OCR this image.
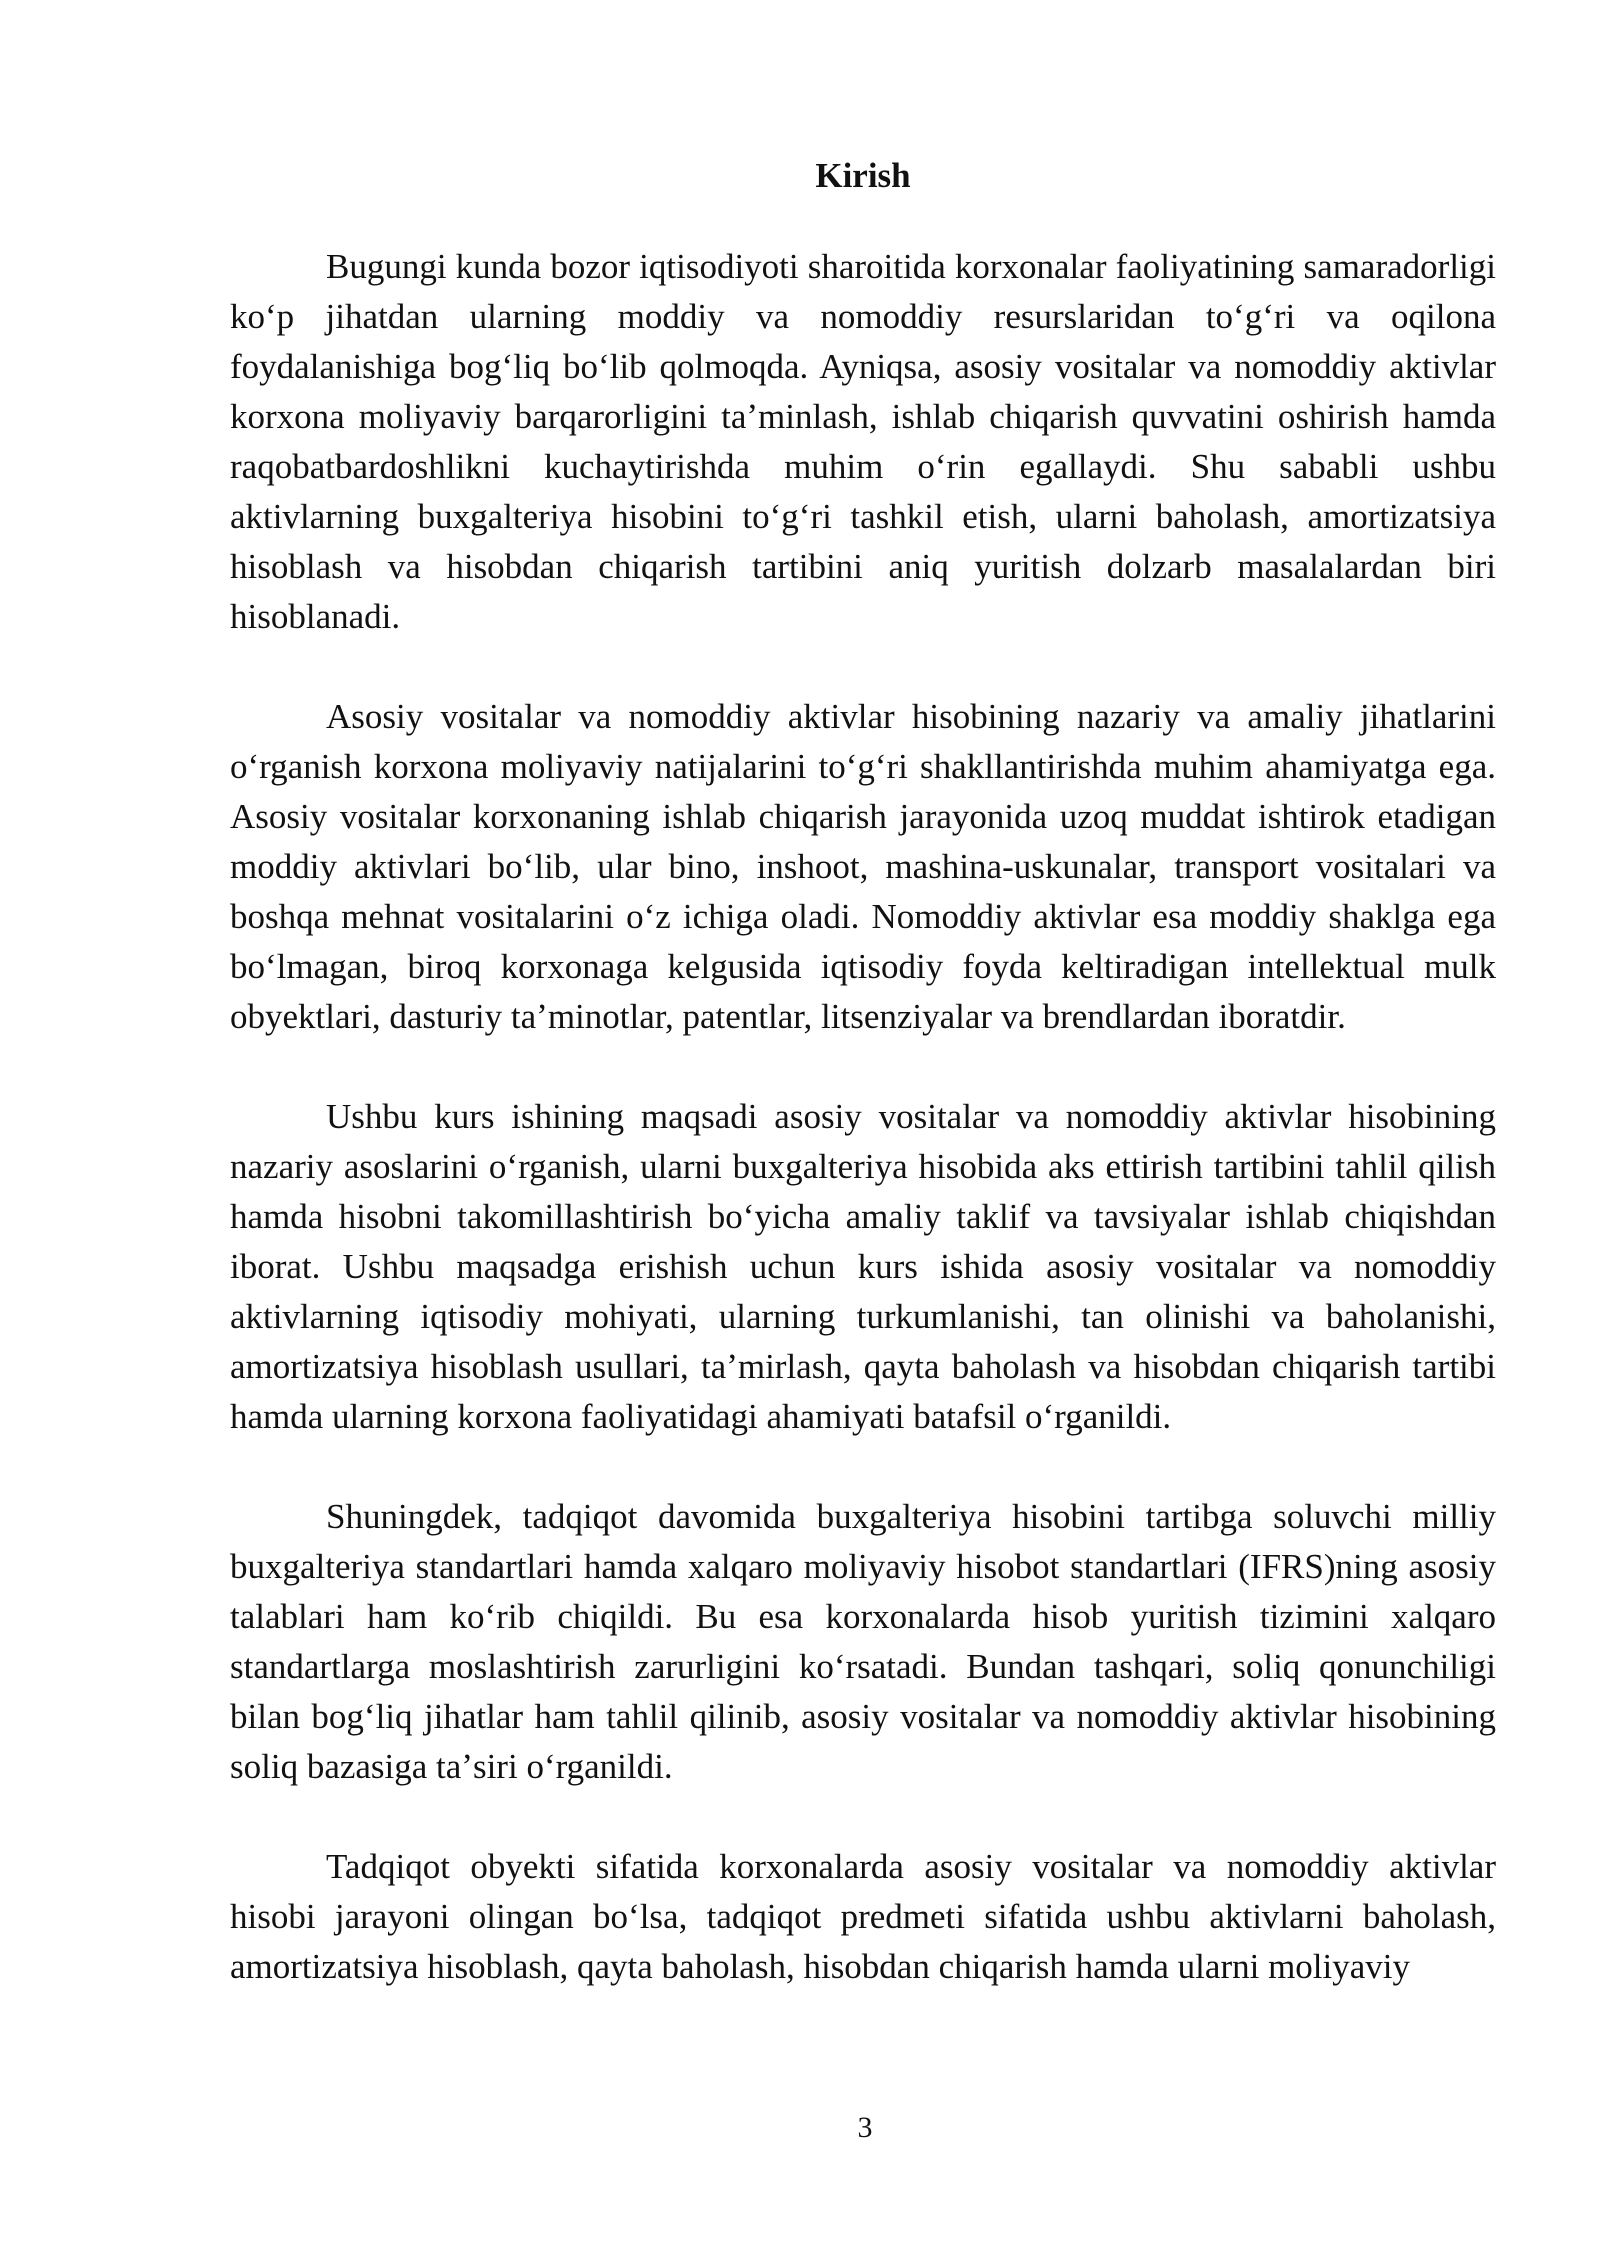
Kirish

Bugungi kunda bozor iqtisodiyoti sharoitida korxonalar faoliyatining samaradorligi koʻp jihatdan ularning moddiy va nomoddiy resurslaridan toʻgʻri va oqilona foydalanishiga bogʻliq boʻlib qolmoqda. Ayniqsa, asosiy vositalar va nomoddiy aktivlar korxona moliyaviy barqarorligini taʼminlash, ishlab chiqarish quvvatini oshirish hamda raqobatbardoshlikni kuchaytirishda muhim oʻrin egallaydi. Shu sababli ushbu aktivlarning buxgalteriya hisobini toʻgʻri tashkil etish, ularni baholash, amortizatsiya hisoblash va hisobdan chiqarish tartibini aniq yuritish dolzarb masalalardan biri hisoblanadi.

Asosiy vositalar va nomoddiy aktivlar hisobining nazariy va amaliy jihatlarini oʻrganish korxona moliyaviy natijalarini toʻgʻri shakllantirishda muhim ahamiyatga ega. Asosiy vositalar korxonaning ishlab chiqarish jarayonida uzoq muddat ishtirok etadigan moddiy aktivlari boʻlib, ular bino, inshoot, mashina-uskunalar, transport vositalari va boshqa mehnat vositalarini oʻz ichiga oladi. Nomoddiy aktivlar esa moddiy shaklga ega boʻlmagan, biroq korxonaga kelgusida iqtisodiy foyda keltiradigan intellektual mulk obyektlari, dasturiy taʼminotlar, patentlar, litsenziyalar va brendlardan iboratdir.

Ushbu kurs ishining maqsadi asosiy vositalar va nomoddiy aktivlar hisobining nazariy asoslarini oʻrganish, ularni buxgalteriya hisobida aks ettirish tartibini tahlil qilish hamda hisobni takomillashtirish boʻyicha amaliy taklif va tavsiyalar ishlab chiqishdan iborat. Ushbu maqsadga erishish uchun kurs ishida asosiy vositalar va nomoddiy aktivlarning iqtisodiy mohiyati, ularning turkumlanishi, tan olinishi va baholanishi, amortizatsiya hisoblash usullari, taʼmirlash, qayta baholash va hisobdan chiqarish tartibi hamda ularning korxona faoliyatidagi ahamiyati batafsil oʻrganildi.

Shuningdek, tadqiqot davomida buxgalteriya hisobini tartibga soluvchi milliy buxgalteriya standartlari hamda xalqaro moliyaviy hisobot standartlari (IFRS)ning asosiy talablari ham koʻrib chiqildi. Bu esa korxonalarda hisob yuritish tizimini xalqaro standartlarga moslashtirish zarurligini koʻrsatadi. Bundan tashqari, soliq qonunchiligi bilan bogʻliq jihatlar ham tahlil qilinib, asosiy vositalar va nomoddiy aktivlar hisobining soliq bazasiga taʼsiri oʻrganildi.

Tadqiqot obyekti sifatida korxonalarda asosiy vositalar va nomoddiy aktivlar hisobi jarayoni olingan boʻlsa, tadqiqot predmeti sifatida ushbu aktivlarni baholash, amortizatsiya hisoblash, qayta baholash, hisobdan chiqarish hamda ularni moliyaviy

3
